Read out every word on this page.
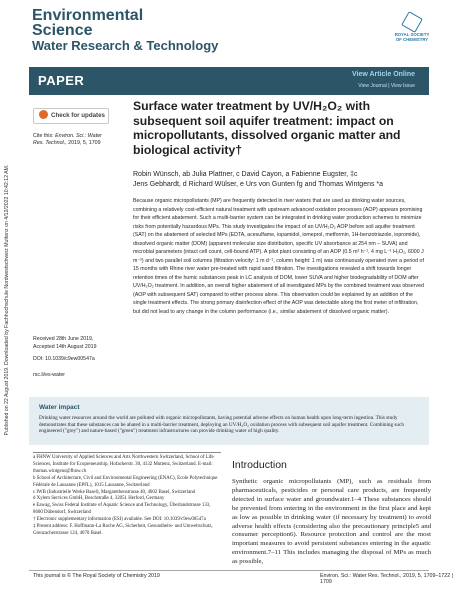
Published on 22 August 2019. Downloaded by Fachhochschule Nordwestschweiz Muttenz on 4/12/2022 10:42:12 AM.
Environmental
Science
Water Research & Technology
ROYAL SOCIETY
OF CHEMISTRY
PAPER	View Article Online
View Journal | View Issue
Check for updates
Cite this: Environ. Sci.: Water Res. Technol., 2019, 5, 1709
Surface water treatment by UV/H₂O₂ with subsequent soil aquifer treatment: impact on micropollutants, dissolved organic matter and biological activity†
Robin Wünsch, ab Julia Plattner, c David Cayon, a Fabienne Eugster, ‡c
Jens Gebhardt, d Richard Wülser, e Urs von Gunten fg and Thomas Wintgens *a

Because organic micropollutants (MP) are frequently detected in river waters that are used as drinking water sources, combining a relatively cost-efficient natural treatment with upstream advanced oxidation processes (AOP) appears promising for their efficient abatement. Such a multi-barrier system can be integrated in drinking water production schemes to minimize risks from potentially hazardous MPs. This study investigates the impact of an UV/H₂O₂ AOP before soil aquifer treatment (SAT) on the abatement of selected MPs (EDTA, acesulfame, iopamidol, iomeprol, metformin, 1H-benzotriazole, iopromide), dissolved organic matter (DOM) (apparent molecular size distribution, specific UV absorbance at 254 nm – SUVA) and microbial parameters (intact cell count, cell-bound ATP). A pilot plant consisting of an AOP (0.5 m³ h⁻¹, 4 mg L⁻¹ H₂O₂, 6000 J m⁻²) and two parallel soil columns (filtration velocity: 1 m d⁻¹, column height: 1 m) was continuously operated over a period of 15 months with Rhine river water pre-treated with rapid sand filtration. The investigations revealed a shift towards longer retention times of the humic substances peak in LC analysis of DOM, lower SUVA and higher biodegradability of DOM after UV/H₂O₂ treatment. In addition, an overall higher abatement of all investigated MPs by the combined treatment was observed (AOP with subsequent SAT) compared to either process alone. This observation could be explained by an addition of the single treatment effects. The strong primary disinfection effect of the AOP was detectable along the first meter of infiltration, but did not lead to any change in the column performance (i.e., similar abatement of dissolved organic matter).

Received 28th June 2019,
Accepted 14th August 2019
DOI: 10.1039/c9ew00547a
rsc.li/es-water
Water impact

Drinking water resources around the world are polluted with organic micropollutants, having potential adverse effects on human health upon long-term ingestion. This study demonstrates that these substances can be abated in a multi-barrier treatment, deploying an UV/H₂O₂ oxidation process with subsequent soil aquifer treatment. Combining such engineered ("grey") and nature-based ("green") treatment infrastructures can provide drinking water of high quality.

a FHNW University of Applied Sciences and Arts Northwestern Switzerland, School of Life Sciences, Institute for Ecopreneurship, Hofackerstr. 30, 4132 Muttenz, Switzerland. E-mail: thomas.wintgens@fhnw.ch
b School of Architecture, Civil and Environmental Engineering (ENAC), Ecole Polytechnique Fédérale de Lausanne (EPFL), 1015 Lausanne, Switzerland
c IWB (Industrielle Werke Basel), Margarethenstrasse 40, 4002 Basel, Switzerland
d Xylem Services GmbH, Boschstraße 4, 32051 Herford, Germany
e Eawag, Swiss Federal Institute of Aquatic Science and Technology, Überlandstrasse 133, 8600 Dübendorf, Switzerland
† Electronic supplementary information (ESI) available. See DOI: 10.1039/c9ew00547a
‡ Present address: F. Hoffmann-La Roche AG, Sicherheit, Gesundheits- und Umweltschutz, Grenzacherstrasse 124, 4070 Basel.
Introduction

Synthetic organic micropollutants (MP), such as residuals from pharmaceuticals, pesticides or personal care products, are frequently detected in surface water and groundwater.1–4 These substances should be prevented from entering in the environment in the first place and kept as low as possible in drinking water (if necessary by treatment) to avoid adverse health effects (considering also the precautionary principle5 and consumer perception6). Resource protection and control are the most important measures to avoid persistent substances entering in the aquatic environment.7–11 This includes managing the disposal of MPs as much as possible,

This journal is © The Royal Society of Chemistry 2019	Environ. Sci.: Water Res. Technol., 2019, 5, 1709–1722 | 1709
